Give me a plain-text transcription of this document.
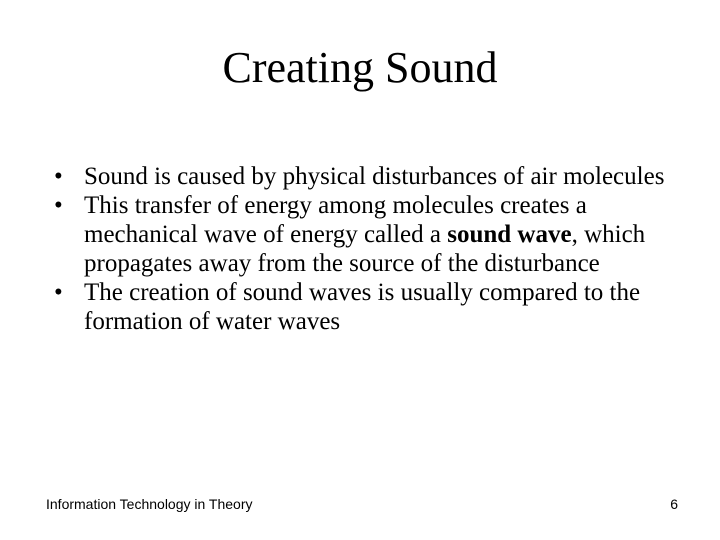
Creating Sound
• Sound is caused by physical disturbances of air molecules
• This transfer of energy among molecules creates a mechanical wave of energy called a sound wave, which propagates away from the source of the disturbance
• The creation of sound waves is usually compared to the formation of water waves
Information Technology in Theory	6
